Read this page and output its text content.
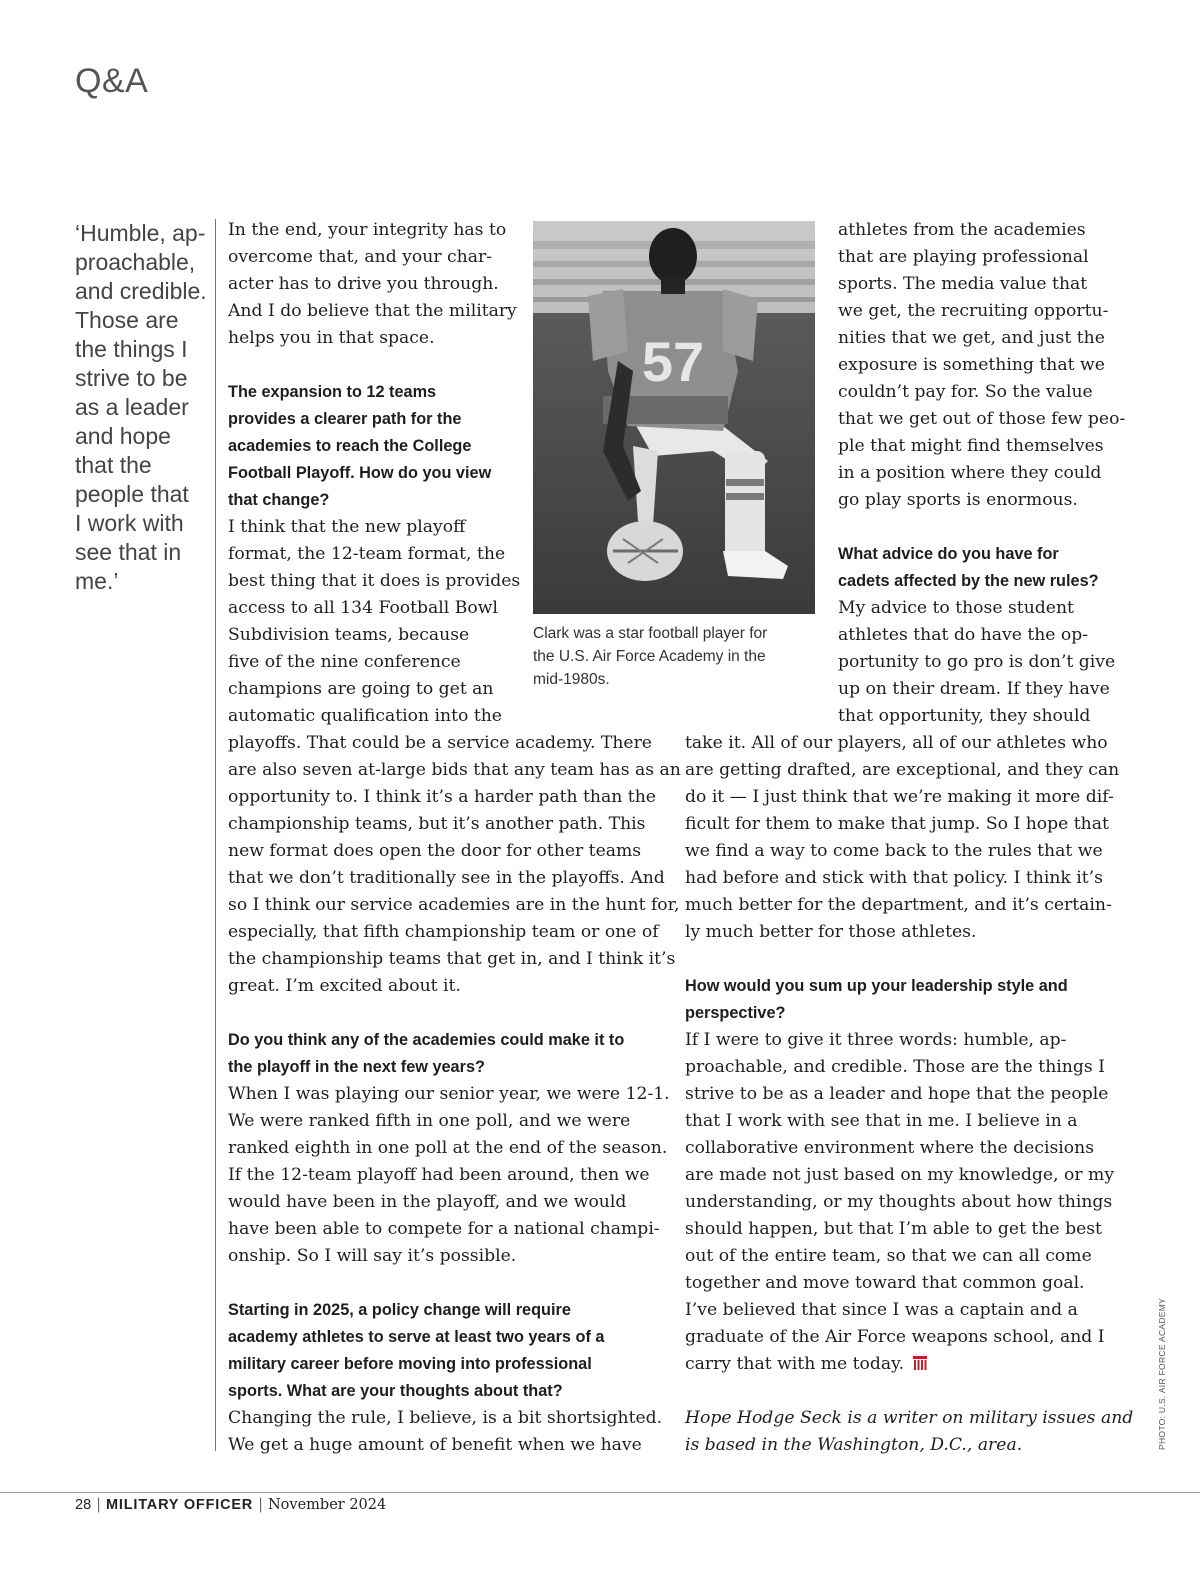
Q&A
‘Humble, ap-
proachable,
and credible.
Those are
the things I
strive to be
as a leader
and hope
that the
people that
I work with
see that in
me.’

In the end, your integrity has to

overcome that, and your char-

acter has to drive you through.

And I do believe that the military

helps you in that space.

The expansion to 12 teams

provides a clearer path for the

academies to reach the College

Football Playoff. How do you view

that change?

I think that the new playoff

format, the 12-team format, the

best thing that it does is provides

access to all 134 Football Bowl

Subdivision teams, because

five of the nine conference

champions are going to get an

automatic qualification into the

playoffs. That could be a service academy. There

are also seven at-large bids that any team has as an

opportunity to. I think it’s a harder path than the

championship teams, but it’s another path. This

new format does open the door for other teams

that we don’t traditionally see in the playoffs. And

so I think our service academies are in the hunt for,

especially, that fifth championship team or one of

the championship teams that get in, and I think it’s

great. I’m excited about it.

Do you think any of the academies could make it to

the playoff in the next few years?

When I was playing our senior year, we were 12-1.

We were ranked fifth in one poll, and we were

ranked eighth in one poll at the end of the season.

If the 12-team playoff had been around, then we

would have been in the playoff, and we would

have been able to compete for a national champi-

onship. So I will say it’s possible.

Starting in 2025, a policy change will require

academy athletes to serve at least two years of a

military career before moving into professional

sports. What are your thoughts about that?

Changing the rule, I believe, is a bit shortsighted.

We get a huge amount of benefit when we have

57
Clark was a star football player for
the U.S. Air Force Academy in the
mid-1980s.

athletes from the academies

that are playing professional

sports. The media value that

we get, the recruiting opportu-

nities that we get, and just the

exposure is something that we

couldn’t pay for. So the value

that we get out of those few peo-

ple that might find themselves

in a position where they could

go play sports is enormous.

What advice do you have for

cadets affected by the new rules?

My advice to those student

athletes that do have the op-

portunity to go pro is don’t give

up on their dream. If they have

that opportunity, they should

take it. All of our players, all of our athletes who

are getting drafted, are exceptional, and they can

do it — I just think that we’re making it more dif-

ficult for them to make that jump. So I hope that

we find a way to come back to the rules that we

had before and stick with that policy. I think it’s

much better for the department, and it’s certain-

ly much better for those athletes.

How would you sum up your leadership style and

perspective?

If I were to give it three words: humble, ap-

proachable, and credible. Those are the things I

strive to be as a leader and hope that the people

that I work with see that in me. I believe in a

collaborative environment where the decisions

are made not just based on my knowledge, or my

understanding, or my thoughts about how things

should happen, but that I’m able to get the best

out of the entire team, so that we can all come

together and move toward that common goal.

I’ve believed that since I was a captain and a

graduate of the Air Force weapons school, and I

carry that with me today.

Hope Hodge Seck is a writer on military issues and

is based in the Washington, D.C., area.	PHOTO: U.S. AIR FORCE ACADEMY
28 | MILITARY OFFICER | November 2024
